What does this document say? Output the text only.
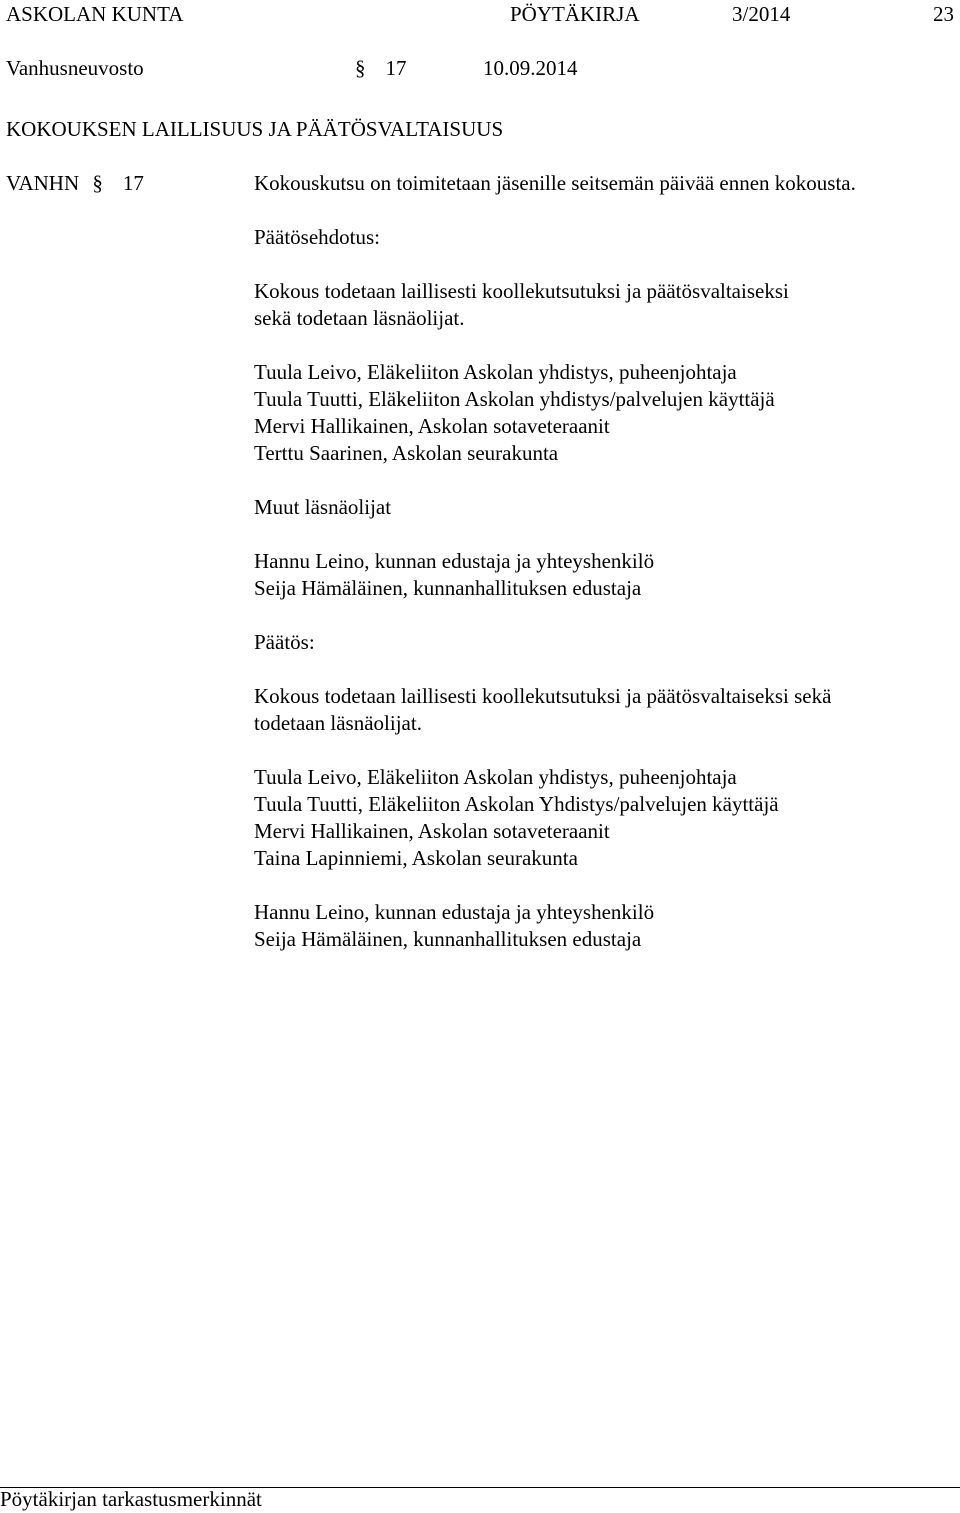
ASKOLAN KUNTA	PÖYTÄKIRJA	3/2014	23
Vanhusneuvosto	§ 17	10.09.2014
KOKOUKSEN LAILLISUUS JA PÄÄTÖSVALTAISUUS
VANHN § 17	Kokouskutsu on toimitetaan jäsenille seitsemän päivää ennen kokousta.

Päätösehdotus:

Kokous todetaan laillisesti koollekutsutuksi ja päätösvaltaiseksi

sekä todetaan läsnäolijat.

Tuula Leivo, Eläkeliiton Askolan yhdistys, puheenjohtaja

Tuula Tuutti, Eläkeliiton Askolan yhdistys/palvelujen käyttäjä

Mervi Hallikainen, Askolan sotaveteraanit

Terttu Saarinen, Askolan seurakunta

Muut läsnäolijat

Hannu Leino, kunnan edustaja ja yhteyshenkilö

Seija Hämäläinen, kunnanhallituksen edustaja

Päätös:

Kokous todetaan laillisesti koollekutsutuksi ja päätösvaltaiseksi sekä

todetaan läsnäolijat.

Tuula Leivo, Eläkeliiton Askolan yhdistys, puheenjohtaja

Tuula Tuutti, Eläkeliiton Askolan Yhdistys/palvelujen käyttäjä

Mervi Hallikainen, Askolan sotaveteraanit

Taina Lapinniemi, Askolan seurakunta

Hannu Leino, kunnan edustaja ja yhteyshenkilö

Seija Hämäläinen, kunnanhallituksen edustaja

Pöytäkirjan tarkastusmerkinnät
